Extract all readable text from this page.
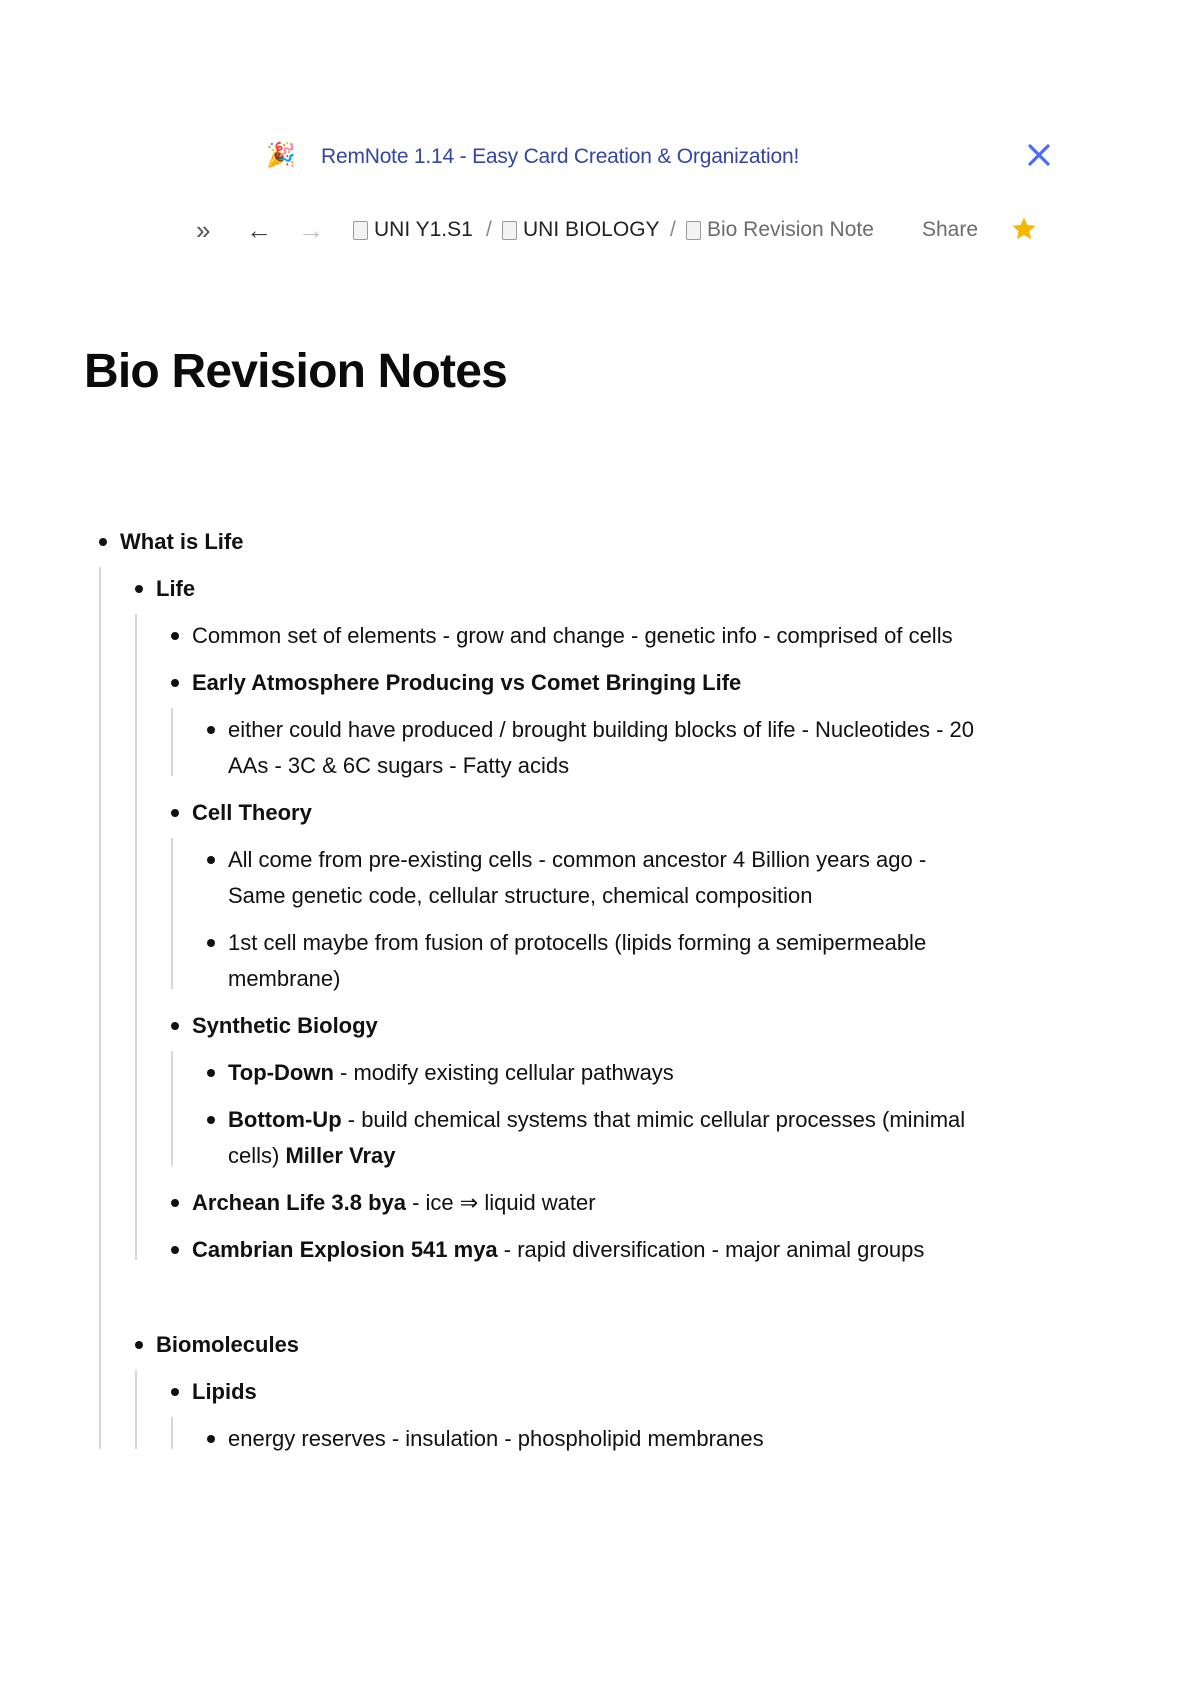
🎉 RemNote 1.14 - Easy Card Creation & Organization!
» ← → UNI Y1.S1 / UNI BIOLOGY / Bio Revision Note Share
Bio Revision Notes
What is Life
Life
Common set of elements - grow and change - genetic info - comprised of cells
Early Atmosphere Producing vs Comet Bringing Life
either could have produced / brought building blocks of life - Nucleotides - 20 AAs - 3C & 6C sugars - Fatty acids
Cell Theory
All come from pre-existing cells - common ancestor 4 Billion years ago - Same genetic code, cellular structure, chemical composition
1st cell maybe from fusion of protocells (lipids forming a semipermeable membrane)
Synthetic Biology
Top-Down - modify existing cellular pathways
Bottom-Up - build chemical systems that mimic cellular processes (minimal cells) Miller Vray
Archean Life 3.8 bya - ice ⇒ liquid water
Cambrian Explosion 541 mya - rapid diversification - major animal groups
Biomolecules
Lipids
energy reserves - insulation - phospholipid membranes
